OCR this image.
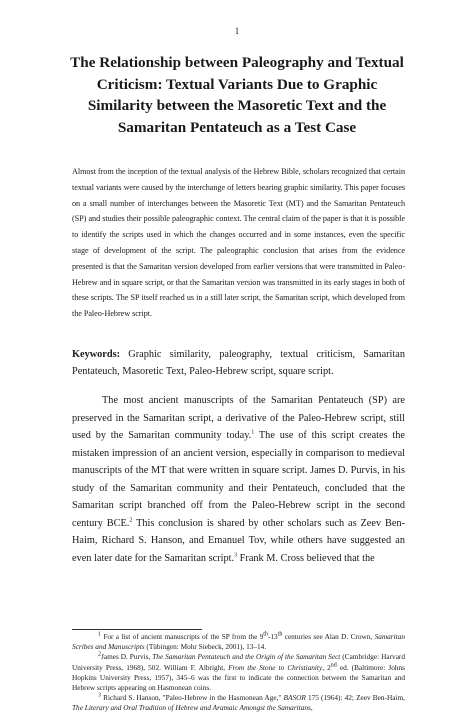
1
The Relationship between Paleography and Textual Criticism: Textual Variants Due to Graphic Similarity between the Masoretic Text and the Samaritan Pentateuch as a Test Case
Almost from the inception of the textual analysis of the Hebrew Bible, scholars recognized that certain textual variants were caused by the interchange of letters bearing graphic similarity. This paper focuses on a small number of interchanges between the Masoretic Text (MT) and the Samaritan Pentateuch (SP) and studies their possible paleographic context. The central claim of the paper is that it is possible to identify the scripts used in which the changes occurred and in some instances, even the specific stage of development of the script. The paleographic conclusion that arises from the evidence presented is that the Samaritan version developed from earlier versions that were transmitted in Paleo-Hebrew and in square script, or that the Samaritan version was transmitted in its early stages in both of these scripts. The SP itself reached us in a still later script, the Samaritan script, which developed from the Paleo-Hebrew script.
Keywords: Graphic similarity, paleography, textual criticism, Samaritan Pentateuch, Masoretic Text, Paleo-Hebrew script, square script.
The most ancient manuscripts of the Samaritan Pentateuch (SP) are preserved in the Samaritan script, a derivative of the Paleo-Hebrew script, still used by the Samaritan community today.$^1$ The use of this script creates the mistaken impression of an ancient version, especially in comparison to medieval manuscripts of the MT that were written in square script. James D. Purvis, in his study of the Samaritan community and their Pentateuch, concluded that the Samaritan script branched off from the Paleo-Hebrew script in the second century BCE.$^2$ This conclusion is shared by other scholars such as Zeev Ben-Haim, Richard S. Hanson, and Emanuel Tov, while others have suggested an even later date for the Samaritan script.$^3$ Frank M. Cross believed that the

$^1$ For a list of ancient manuscripts of the SP from the 9th-13th centuries see Alan D. Crown, Samaritan Scribes and Manuscripts (Tübingen: Mohr Siebeck, 2001), 13–14.

$^2$James D. Purvis, The Samaritan Pentateuch and the Origin of the Samaritan Sect (Cambridge: Harvard University Press, 1968), 502. William F. Albright, From the Stone to Christianity, 2nd ed. (Baltimore: Johns Hopkins University Press, 1957), 345–6 was the first to indicate the connection between the Samaritan and Hebrew scripts appearing on Hasmonean coins.

$^3$ Richard S. Hanson, "Paleo-Hebrew in the Hasmonean Age," BASOR 175 (1964): 42; Zeev Ben-Haim, The Literary and Oral Tradition of Hebrew and Aramaic Amongst the Samaritans,
